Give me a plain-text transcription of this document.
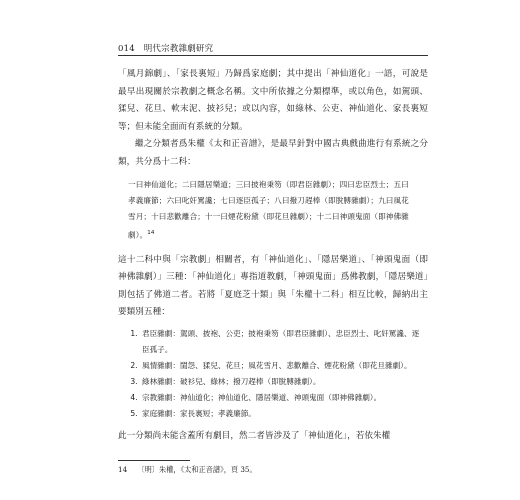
014 明代宗教雜劇研究

「風月錦劇」、「家長裏短」乃歸爲家庭劇；其中提出「神仙道化」一語，可說是最早出現關於宗教劇之概念名稱。文中所依據之分類標準，或以角色，如駕頭、猱兒、花旦、軟末泥、披衫兒；或以內容，如綠林、公吏、神仙道化、家長裏短等；但未能全面而有系統的分類。

繼之分類者爲朱權《太和正音譜》，是最早針對中國古典戲曲進行有系統之分類，共分爲十二科：

一曰神仙道化；二曰隱居樂道；三曰披袍秉笏（即君臣雜劇）；四曰忠臣烈士；五曰孝義廉節；六曰叱奸罵讒；七曰逐臣孤子；八曰撥刀趕棒（即脫膊雜劇）；九曰風花雪月；十曰悲歡離合；十一曰煙花粉黛（即花旦雜劇）；十二曰神頭鬼面（即神佛雜劇）。$^{14}$

這十二科中與「宗教劇」相關者，有「神仙道化」、「隱居樂道」、「神頭鬼面（即神佛雜劇）」三種：「神仙道化」專指道教劇，「神頭鬼面」爲佛教劇，「隱居樂道」則包括了佛道二者。若將「夏庭芝十類」與「朱權十二科」相互比較，歸納出主要類別五種：

1. 君臣雜劇：駕頭、披袍、公吏；披袍秉笏（即君臣雜劇）、忠臣烈士、叱奸罵讒、逐臣孤子。
2. 風情雜劇：閨怨、猱兒、花旦；風花雪月、悲歡離合、煙花粉黛（即花旦雜劇）。
3. 綠林雜劇：破衫兒、綠林；撥刀趕棒（即脫膊雜劇）。
4. 宗教雜劇：神仙道化；神仙道化、隱居樂道、神頭鬼面（即神佛雜劇）。
5. 家庭雜劇：家長裏短；孝義廉節。

此一分類尚未能含蓋所有劇目，然二者皆涉及了「神仙道化」，若依朱權

14 〔明〕朱權，《太和正音譜》，頁 35。
